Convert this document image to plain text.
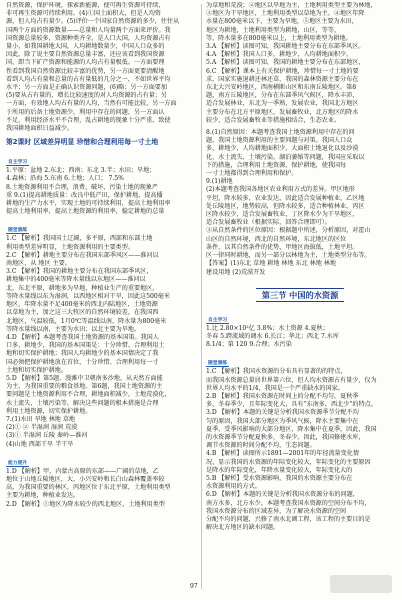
自然资源，保护环境，探索新能源，使可再生资源可持续，

非可再生资源可持续利用。(4)①国土面积大，但是人均资

源，但人均占有量少。(5)评价一个国家自然资源的多少，往往从

国两个方面的资源数量——总量和人均量两个方面来评价。我

国资源总量较多，资源种类齐全，是人口大国，人均资源占有

量小，如我国耕地大国，人均耕地数量少，中国人口众多的

因此，除了说主要自然资源总量丰富，还应该看到我国资源

国，即当下矿产资源和能源的人均占有量极低。一方面要理

性看到我国自然资源比较丰富的优势，另一方面更要清醒地

看到人均占有量和总量的占有量低的几分之一，不如世界平均

水平；另一方面是正确认识资源问题，(6)略；另一方面要加

(5)要从占有量的，增长比较速度的对人均资源的占有量；另

一方面，有效地人均占有量的人均，当然有可能比较，另一方面

于所用的后备土地资源少，利用中存在的问题，另一方面认

不足，利用经济水平不合理，乱占耕地的现象十分严重，致使

我国耕地面积日益减少。

第2课时 区域差异明显 珍惜和合理利用每一寸土地
自主学习

1.平原：盆地 2.东北；西南；东北 3.半；水田；旱地；

4.森林；沿海 5.东南 6.土地；人口； 7.5%

8.土地资源利用不合理，浪费、破坏、污染土地的现象严

重 9.(1)提高耕地质量：改良中低产田，保护耕地，提高播

耕地的生产力水平，实现土地的可持续利用，提高土地利用率

提高土地利用率，提高土地资源的利用率，稳定耕地的总量

随堂演练

1.C 【解析】我国国土辽阔，多平原，西部和东部土地

利用类型差异明显，土地资源利用的主要类型。

2.C 【解析】耕地主要分布在我国东部季风区——淮河以

南地区，从 地区 主要。

3.C 【解析】我国的耕地主要分布在我国东部季风区，

耕地集中的400毫米等降水量线以东地区——淮河以

北，东北平原，耕地多为旱地，种植业生产的重要地区，

等降水量线以东为湿润，以西地区相对干旱，因此这500毫米

地区，年降水量不足400毫米的西北内陆地区，土地资源

以草地为主，加之这三大牧区的自然环境较差，在我国西

北地区，气温较低，1月0℃等温线以南，降水量为800毫米

等降水量线以南，主要为水田；以北主要为旱地。

4.D 【解析】本题考查我国土地资源的基本国策。我国人

口多，耕地少，我国的基本国策是：十分珍惜、合理利用土

地和切实保护耕地；我国人均耕地少的基本国情决定了我

国必须把保护耕地放在首位，十分珍惜、合理利用每一寸

土地和切实保护耕地。

5.D 【解析】第5题，漫滩中卫朝南多沙地，从天然方面能

为主，为我国重要的粮食基地。第6题，我国土地资源的主

要问题是土地资源利用不合理，耕地面积减少，土地荒漠化，

水土流失，土壤污染等，解决这些问题的根本措施是合理

利用土地资源，切实保护耕地。

7.(1)水田 旱地 林地 草地

(2)① ② 半湿润 湿润 荒漠

(3)① 半湿润 丘陵 秦岭—淮河

(4)山地 西部干旱 半干旱

能力提升

1.D 【解析】甲，内蒙古高原的东部——广阔的草地，乙

地位于山地丘陵地区，大、小兴安岭和长白山森林覆盖率较

高，为我国重要的林区，丙地区位于东北平原，土地利用类型

主要为耕地，种植业发达。

2.D 【解析】①地区为降水较少的西北地区，土地利用类型

为草地和荒漠；②地区以旱地为主，土地利用类型主要为林地，

③地区为干旱地区，土地利用类型以草地为主，④地区年降

水量在800毫米以下，主要为旱地，⑤地区主要为水田，

地区为耕地，土地利用类型为耕地，山区，等等，

等，降水量多在800毫米以上，土地利用类型为耕地。

3.A 【解析】读图可知，我国耕地主要分布在东部季风区。

4.A 【解析】我国人口多，耕地少，人均耕地面积少。

5.A 【解析】读图可知，我国的耕地主要分布在东部地区，

6.C 【解析】课本上有关保护耕地，珍惜每一寸土地的要

求，国家实施退耕还林还草，我国的森林资源主要分布在

东北大兴安岭地区，西南横断山区和东南丘陵地区。第8

题，南方丘陵地区，分布在东部季风气候区，降水丰沛，

适合发展林业，东北为一季熟，发展农业，我国北方地区

主要分布在北方平原地区，发展畜牧业，北方地区的降水

较少，适合发展畜牧业等措施相结合，生态农业。

8.(1)自然原因：本题考查我国土地资源利用中存在的问

题，我国土地资源利用的主要问题与对策。我国人口众

多，耕地少，人均耕地面积少，大面积土地退化以及沙漠

化，水土流失、土壤污染，湖泊萎缩等问题，我国应采取以

下的措施，合理利用土地资源，保护耕地，使我国每

一寸土地都得到合理利用和保护。

9.(1)耕地

(2)本题考查我国各地区农业利用方式的差异。甲区地形

平坦，降水较多，农业发达，因此适合发展种植业，乙区地

处丘陵地区，地势较高，但降水较多，适合种植林业，丙区

区降水较少，适合发展畜牧业，丁区降水少为干旱地区，

适合发展畜牧业（根据实际，回答合理即可）。

③从自然条件的区位原因：根据题中所述，分析原因，对霍山

山区的自然环境，西北的自然环境，东北地区的区位

条件，以其自然条件的优势，甲地区海拔低，土地平坦。

区一律同时耕地，而另一部分以林地为主，土地类型分布等。

【答案】(1)东北 草地 耕地 林地 东北 林地 林地

建设用地 (2)荒漠开发

第三节 中国的水资源
自主学习

1.比 2.80×10²亿 3.8%；水土资源 4.夏秋；

冬春 5.跨流域的调水 6.长江；华北；西北 7.水库

8.1/4；第 120 9.合理；水污染

随堂演练

1.C 【解析】我国水资源的分布具有显著的的特点，

而我国水资源总量居世界第六位，但人均水资源占有量少，仅为

世界人均水平的1/4，我国是一个严重缺水的国家。

2.B 【解析】我国水资源在时间上的分配不均匀，夏秋季

多，冬春季少，且年际变化大，具有“东南多，西北少”的特点。

3.D 【解析】本题的关键是分析我国水资源季节分配不均

匀的原因，我国大部分地区为季风气候，降水主要集中在

夏季，受季风影响的大部分地区，降水集中在夏季，因此，我国

的水资源季节分配夏秋多，冬春少。因此，我国修建水库，

调节水资源的时间分配不均，生态问题。

4.B 【解析】读图所示1891—2001年的年径流量变化情

况，显示我国的水资源的年际变化较大，年际变化的主要原因

是降水的年际变化，年降水量变化较大，年际变化大的

5.B 【解析】受水资源影响，我国的水资源主要分布在

水资源利用的方式。

6.D 【解析】本题的关键是分析我国水资源分布的问题，

南方水多，北方水少，本题考查我国水资源的空间分布不均，

我国水资源分布的区域差异，为了解决水资源的空间

分配不均的问题，兴修了南水北调工程，该工程的主要目的是

解决北方地区的缺水问题。

97
